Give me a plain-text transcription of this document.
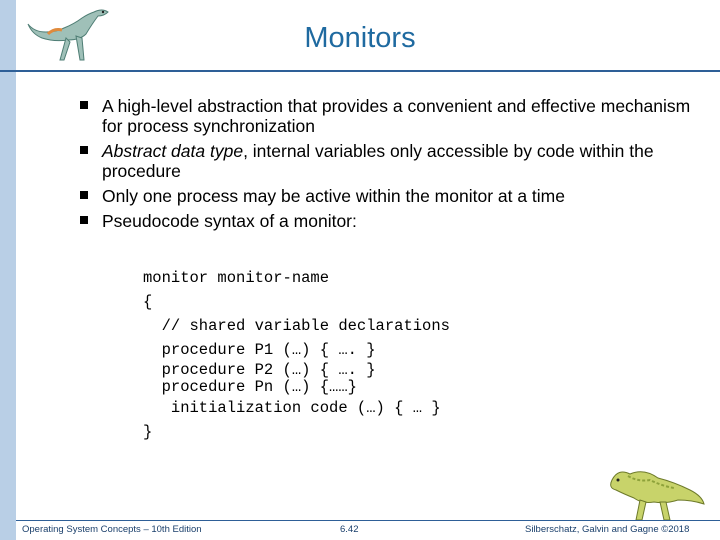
Monitors
A high-level abstraction that provides a convenient and effective mechanism for process synchronization
Abstract data type, internal variables only accessible by code within the procedure
Only one process may be active within the monitor at a time
Pseudocode syntax of a monitor:
monitor monitor-name
{
// shared variable declarations
procedure P1 (…) { …. }
procedure P2 (…) { …. }
procedure Pn (…) {……}
initialization code (…) { … }
}
Operating System Concepts – 10th Edition	6.42	Silberschatz, Galvin and Gagne ©2018
